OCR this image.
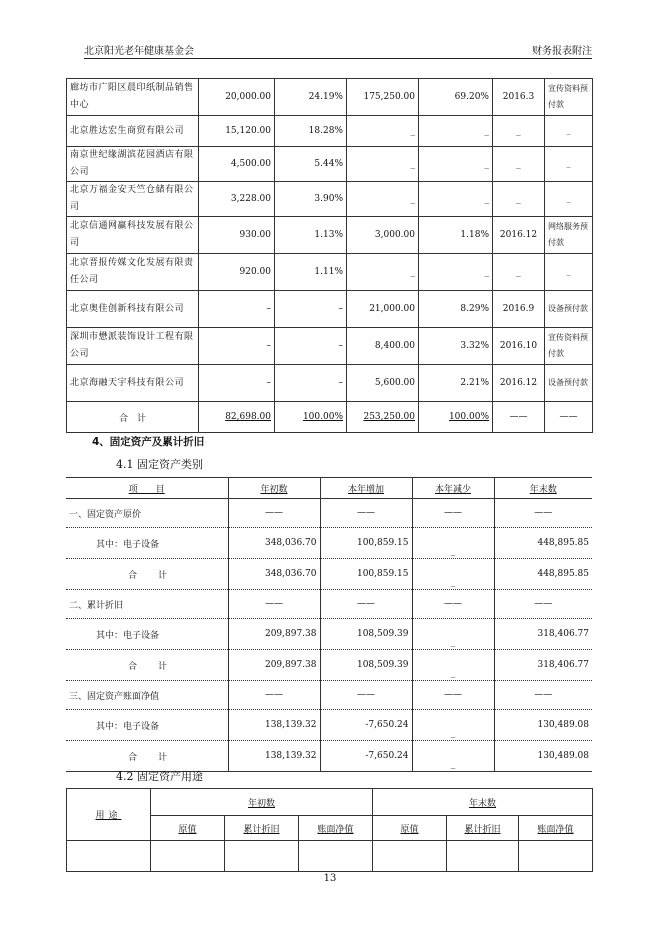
北京阳光老年健康基金会	财务报表附注
廊坊市广阳区晨印纸制品销售中心	20,000.00	24.19%	175,250.00	69.20%	2016.3	宣传资料预付款
北京胜达宏生商贸有限公司	15,120.00	18.28%	_	_	_	_
南京世纪缘湖滨花园酒店有限公司	4,500.00	5.44%	_	_	_	_
北京万福金安天竺仓储有限公司	3,228.00	3.90%	_	_	_	_
北京信通网赢科技发展有限公司	930.00	1.13%	3,000.00	1.18%	2016.12	网络服务预付款
北京晋报传媒文化发展有限责任公司	920.00	1.11%	_	_	_	_
北京奥佳创新科技有限公司	–	–	21,000.00	8.29%	2016.9	设备预付款
深圳市懋派装饰设计工程有限公司	–	–	8,400.00	3.32%	2016.10	宣传资料预付款
北京海融天宇科技有限公司	–	–	5,600.00	2.21%	2016.12	设备预付款
合　计	82,698.00	100.00%	253,250.00	100.00%	——	——
4、固定资产及累计折旧
4.1 固定资产类别
项　　目	年初数	本年增加	本年减少	年末数
一、固定资产原价	——	——	——	——
其中：电子设备	348,036.70	100,859.15	_	448,895.85
合　计	348,036.70	100,859.15	_	448,895.85
二、累计折旧	——	——	——	——
其中：电子设备	209,897.38	108,509.39	_	318,406.77
合　计	209,897.38	108,509.39	_	318,406.77
三、固定资产账面净值	——	——	——	——
其中：电子设备	138,139.32	-7,650.24	_	130,489.08
合　计	138,139.32	-7,650.24	_	130,489.08
4.2 固定资产用途
用途	年初数			年末数		
	原值	累计折旧	账面净值	原值	累计折旧	账面净值

13
